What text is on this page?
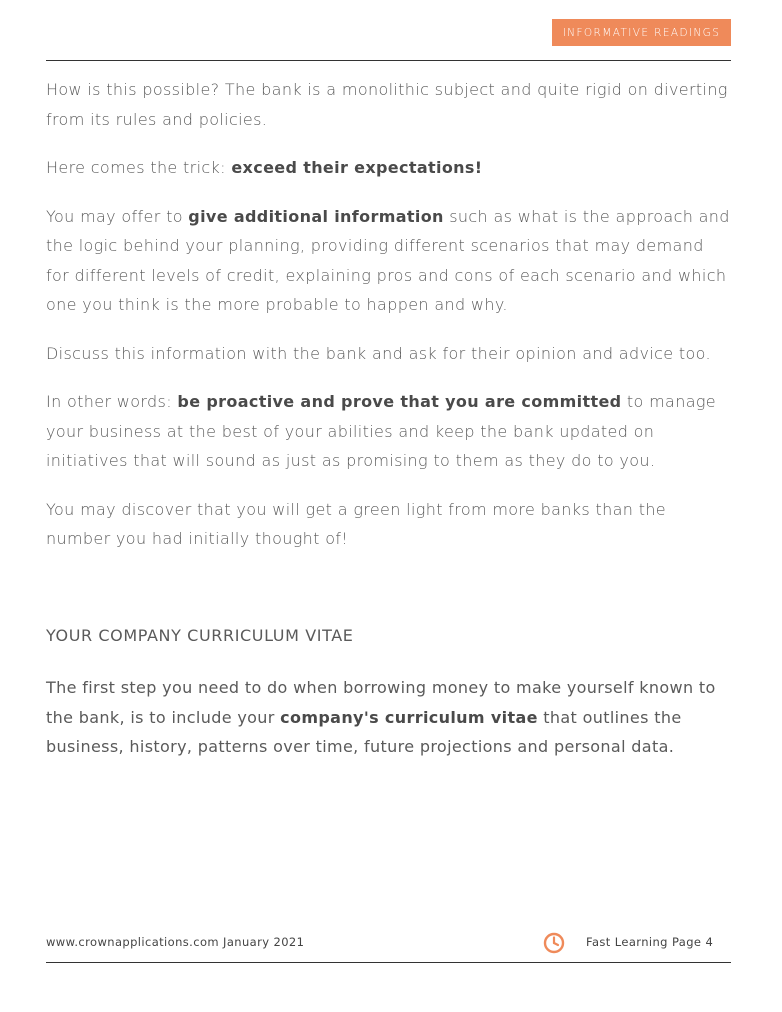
INFORMATIVE READINGS

How is this possible? The bank is a monolithic subject and quite rigid on diverting from its rules and policies.

Here comes the trick: exceed their expectations!

You may offer to give additional information such as what is the approach and the logic behind your planning, providing different scenarios that may demand for different levels of credit, explaining pros and cons of each scenario and which one you think is the more probable to happen and why.

Discuss this information with the bank and ask for their opinion and advice too.

In other words: be proactive and prove that you are committed to manage your business at the best of your abilities and keep the bank updated on initiatives that will sound as just as promising to them as they do to you.

You may discover that you will get a green light from more banks than the number you had initially thought of!

YOUR COMPANY CURRICULUM VITAE

The first step you need to do when borrowing money to make yourself known to the bank, is to include your company's curriculum vitae that outlines the business, history, patterns over time, future projections and personal data.

www.crownapplications.com January 2021	Fast Learning Page 4
